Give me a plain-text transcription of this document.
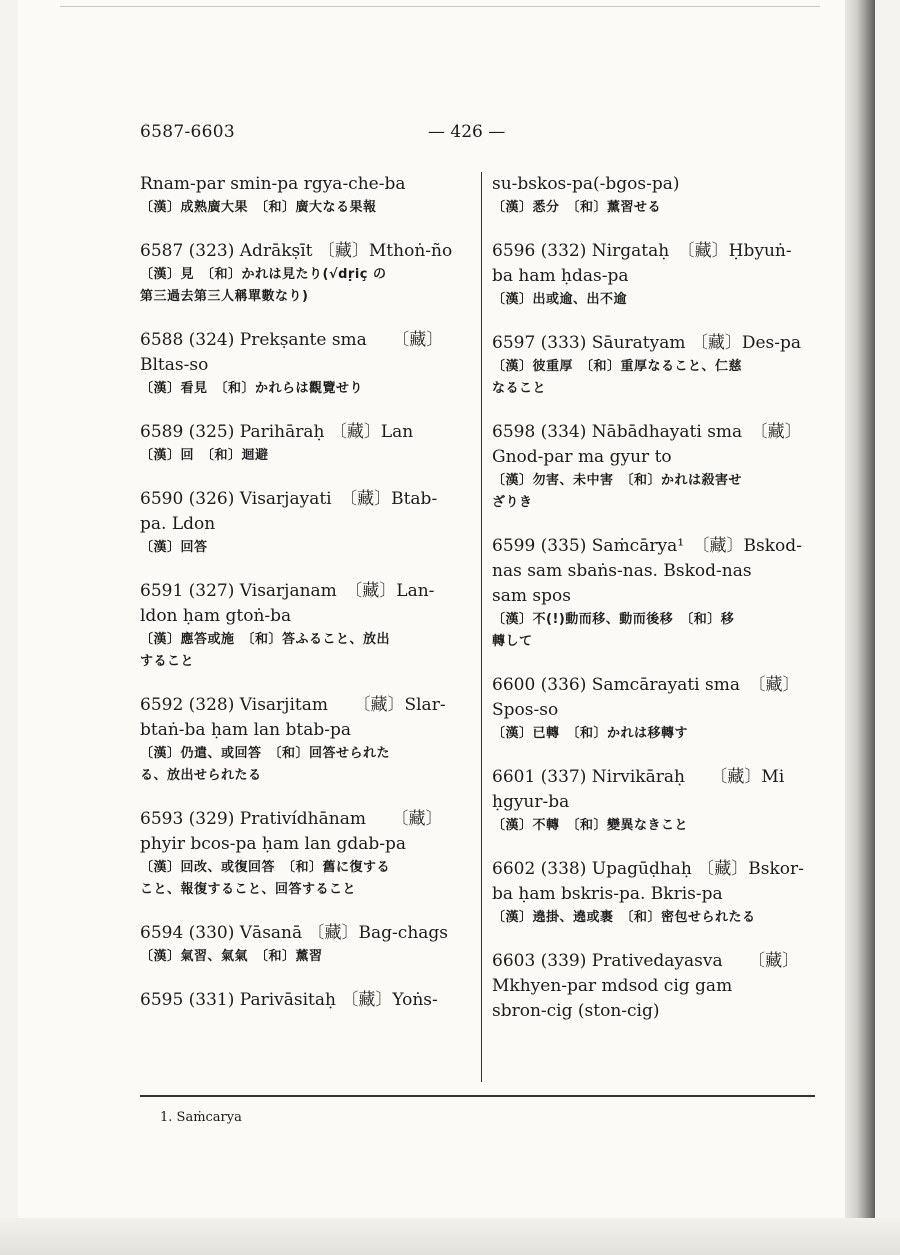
6587-6603	— 426 —
Rnam-par smin-pa rgya-che-ba
〔漢〕成熟廣大果　〔和〕廣大なる果報
6587 (323) Adrākṣīt 〔藏〕Mthoṅ-ño
〔漢〕見　〔和〕かれは見たり(√dṛiç の
第三過去第三人稱單數なり)
6588 (324) Prekṣante sma　　〔藏〕
Bltas-so
〔漢〕看見　〔和〕かれらは觀覽せり
6589 (325) Parihāraḥ 〔藏〕Lan
〔漢〕回　〔和〕迴避
6590 (326) Visarjayati　〔藏〕Btab-
pa. Ldon
〔漢〕回答
6591 (327) Visarjanam　〔藏〕Lan-
ldon ḥam gtoṅ-ba
〔漢〕應答或施　〔和〕答ふること、放出
すること
6592 (328) Visarjitam　　〔藏〕Slar-
btaṅ-ba ḥam lan btab-pa
〔漢〕仍遣、或回答　〔和〕回答せられた
る、放出せられたる
6593 (329) Prativídhānam　　〔藏〕
phyir bcos-pa ḥam lan gdab-pa
〔漢〕回改、或復回答　〔和〕舊に復する
こと、報復すること、回答すること
6594 (330) Vāsanā 〔藏〕Bag-chags
〔漢〕氣習、氣氣　〔和〕薰習
6595 (331) Parivāsitaḥ 〔藏〕Yoṅs-
su-bskos-pa(-bgos-pa)
〔漢〕悉分　〔和〕薰習せる
6596 (332) Nirgataḥ　〔藏〕Ḥbyuṅ-
ba ham ḥdas-pa
〔漢〕出或逾、出不逾
6597 (333) Sāuratyam 〔藏〕Des-pa
〔漢〕彼重厚　〔和〕重厚なること、仁慈
なること
6598 (334) Nābādhayati sma　〔藏〕
Gnod-par ma gyur to
〔漢〕勿害、未中害　〔和〕かれは殺害せ
ざりき
6599 (335) Saṁcārya¹　〔藏〕Bskod-
nas sam sbaṅs-nas. Bskod-nas
sam spos
〔漢〕不(!)動而移、動而後移　〔和〕移
轉して
6600 (336) Samcārayati sma　〔藏〕
Spos-so
〔漢〕已轉　〔和〕かれは移轉す
6601 (337) Nirvikāraḥ　　〔藏〕Mi
ḥgyur-ba
〔漢〕不轉　〔和〕變異なきこと
6602 (338) Upagūḍhaḥ 〔藏〕Bskor-
ba ḥam bskris-pa. Bkris-pa
〔漢〕遶掛、遶或裹　〔和〕密包せられたる
6603 (339) Prativedayasva　　〔藏〕
Mkhyen-par mdsod cig gam
sbron-cig (ston-cig)
1. Saṁcarya
